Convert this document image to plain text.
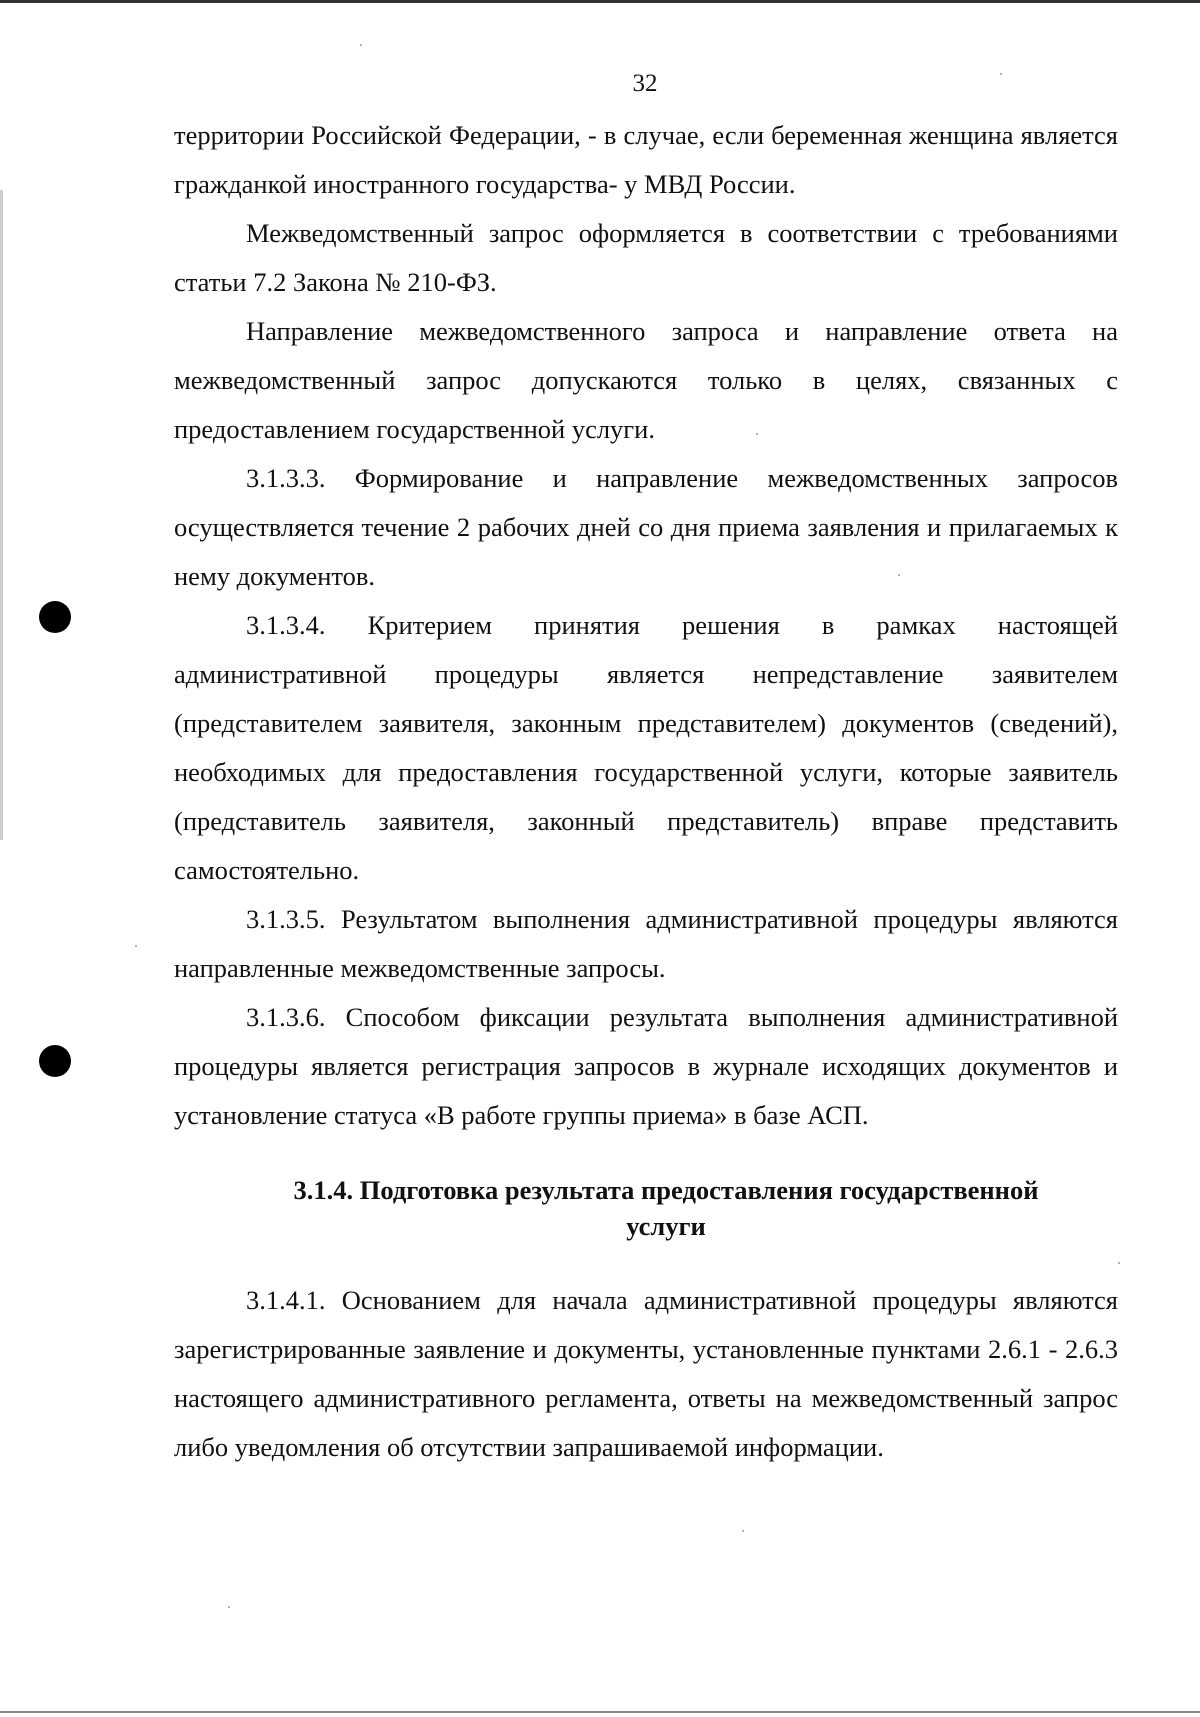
32

территории Российской Федерации, - в случае, если беременная женщина является гражданкой иностранного государства- у МВД России.

Межведомственный запрос оформляется в соответствии с требованиями статьи 7.2 Закона № 210-ФЗ.

Направление межведомственного запроса и направление ответа на межведомственный запрос допускаются только в целях, связанных с предоставлением государственной услуги.

3.1.3.3. Формирование и направление межведомственных запросов осуществляется течение 2 рабочих дней со дня приема заявления и прилагаемых к нему документов.

3.1.3.4. Критерием принятия решения в рамках настоящей административной процедуры является непредставление заявителем (представителем заявителя, законным представителем) документов (сведений), необходимых для предоставления государственной услуги, которые заявитель (представитель заявителя, законный представитель) вправе представить самостоятельно.

3.1.3.5. Результатом выполнения административной процедуры являются направленные межведомственные запросы.

3.1.3.6. Способом фиксации результата выполнения административной процедуры является регистрация запросов в журнале исходящих документов и установление статуса «В работе группы приема» в базе АСП.

3.1.4. Подготовка результата предоставления государственной
услуги

3.1.4.1. Основанием для начала административной процедуры являются зарегистрированные заявление и документы, установленные пунктами 2.6.1 - 2.6.3 настоящего административного регламента, ответы на межведомственный запрос либо уведомления об отсутствии запрашиваемой информации.
